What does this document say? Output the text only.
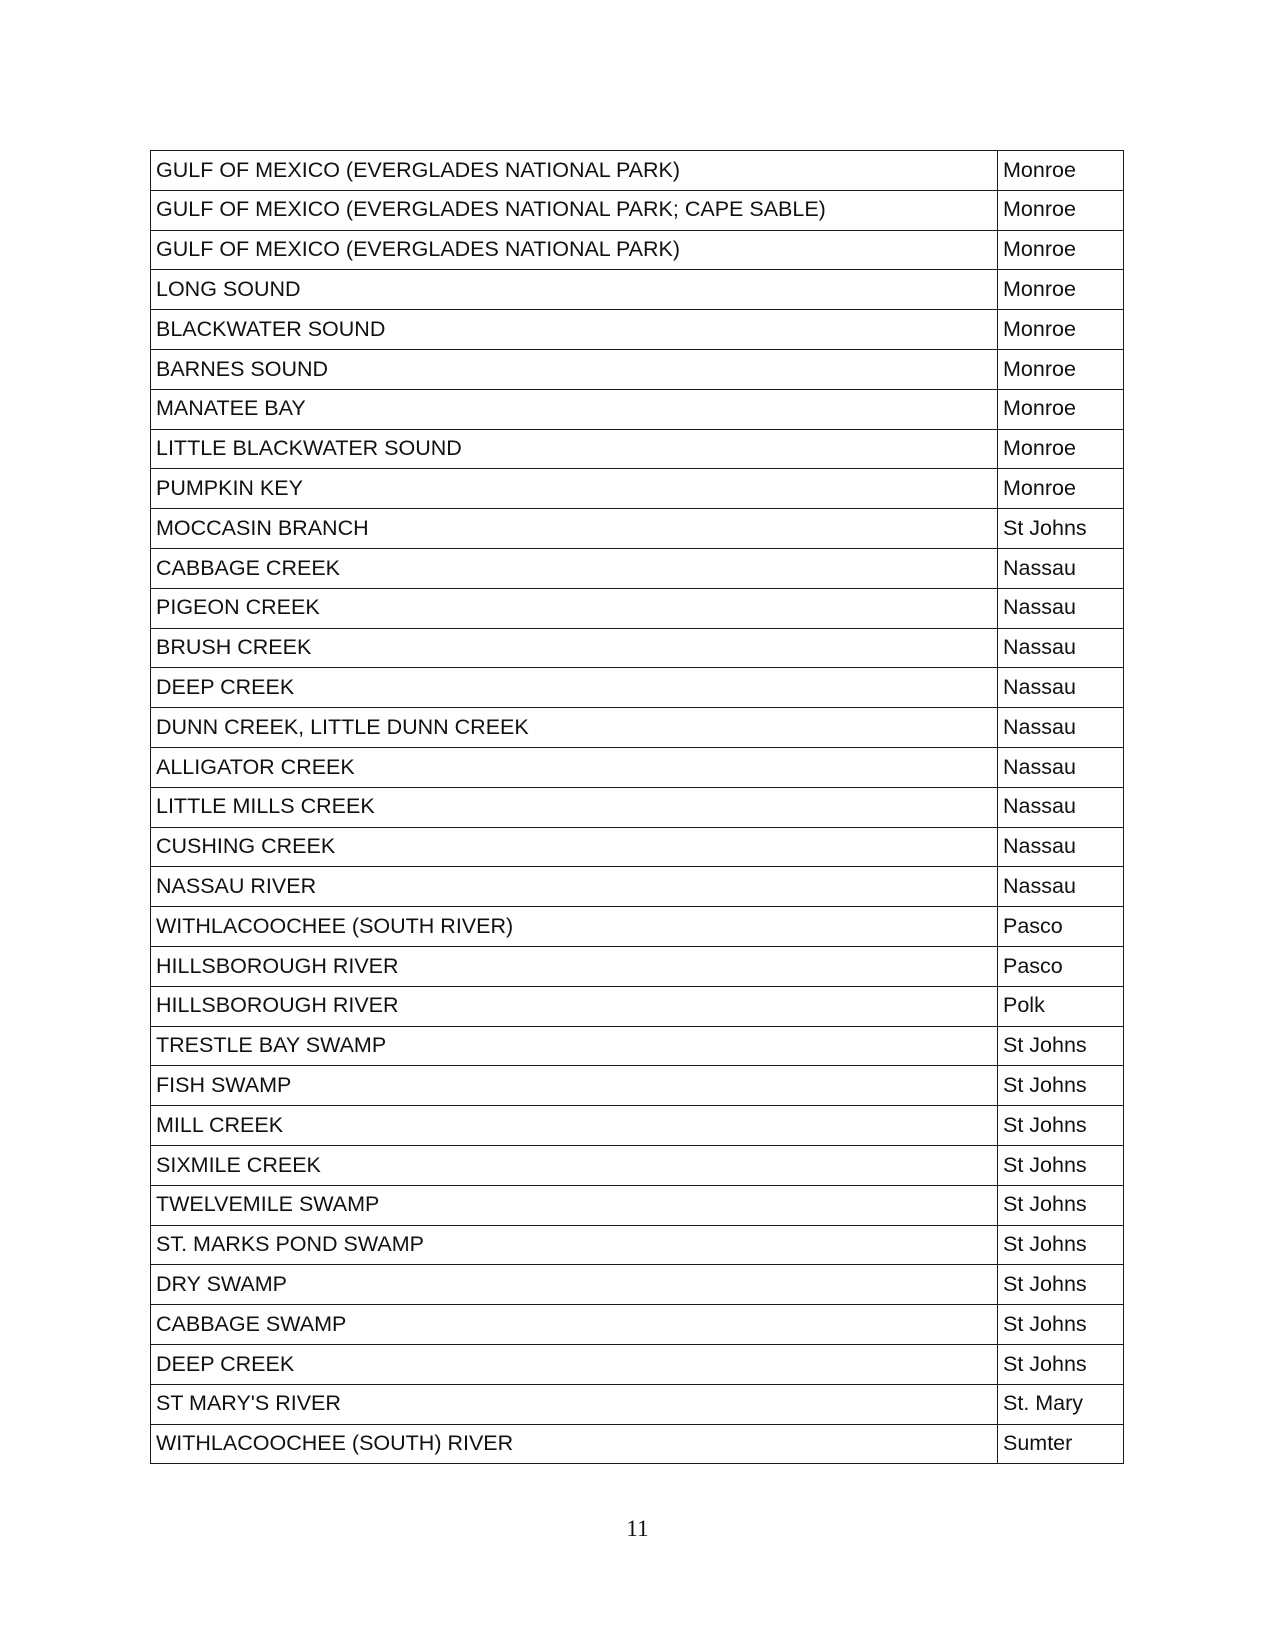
GULF OF MEXICO (EVERGLADES NATIONAL PARK)	Monroe
GULF OF MEXICO (EVERGLADES NATIONAL PARK; CAPE SABLE)	Monroe
GULF OF MEXICO (EVERGLADES NATIONAL PARK)	Monroe
LONG SOUND	Monroe
BLACKWATER SOUND	Monroe
BARNES SOUND	Monroe
MANATEE BAY	Monroe
LITTLE BLACKWATER SOUND	Monroe
PUMPKIN KEY	Monroe
MOCCASIN BRANCH	St Johns
CABBAGE CREEK	Nassau
PIGEON CREEK	Nassau
BRUSH CREEK	Nassau
DEEP CREEK	Nassau
DUNN CREEK, LITTLE DUNN CREEK	Nassau
ALLIGATOR CREEK	Nassau
LITTLE MILLS CREEK	Nassau
CUSHING CREEK	Nassau
NASSAU RIVER	Nassau
WITHLACOOCHEE (SOUTH RIVER)	Pasco
HILLSBOROUGH RIVER	Pasco
HILLSBOROUGH RIVER	Polk
TRESTLE BAY SWAMP	St Johns
FISH SWAMP	St Johns
MILL CREEK	St Johns
SIXMILE CREEK	St Johns
TWELVEMILE SWAMP	St Johns
ST. MARKS POND SWAMP	St Johns
DRY SWAMP	St Johns
CABBAGE SWAMP	St Johns
DEEP CREEK	St Johns
ST MARY'S RIVER	St. Mary
WITHLACOOCHEE (SOUTH) RIVER	Sumter
11
